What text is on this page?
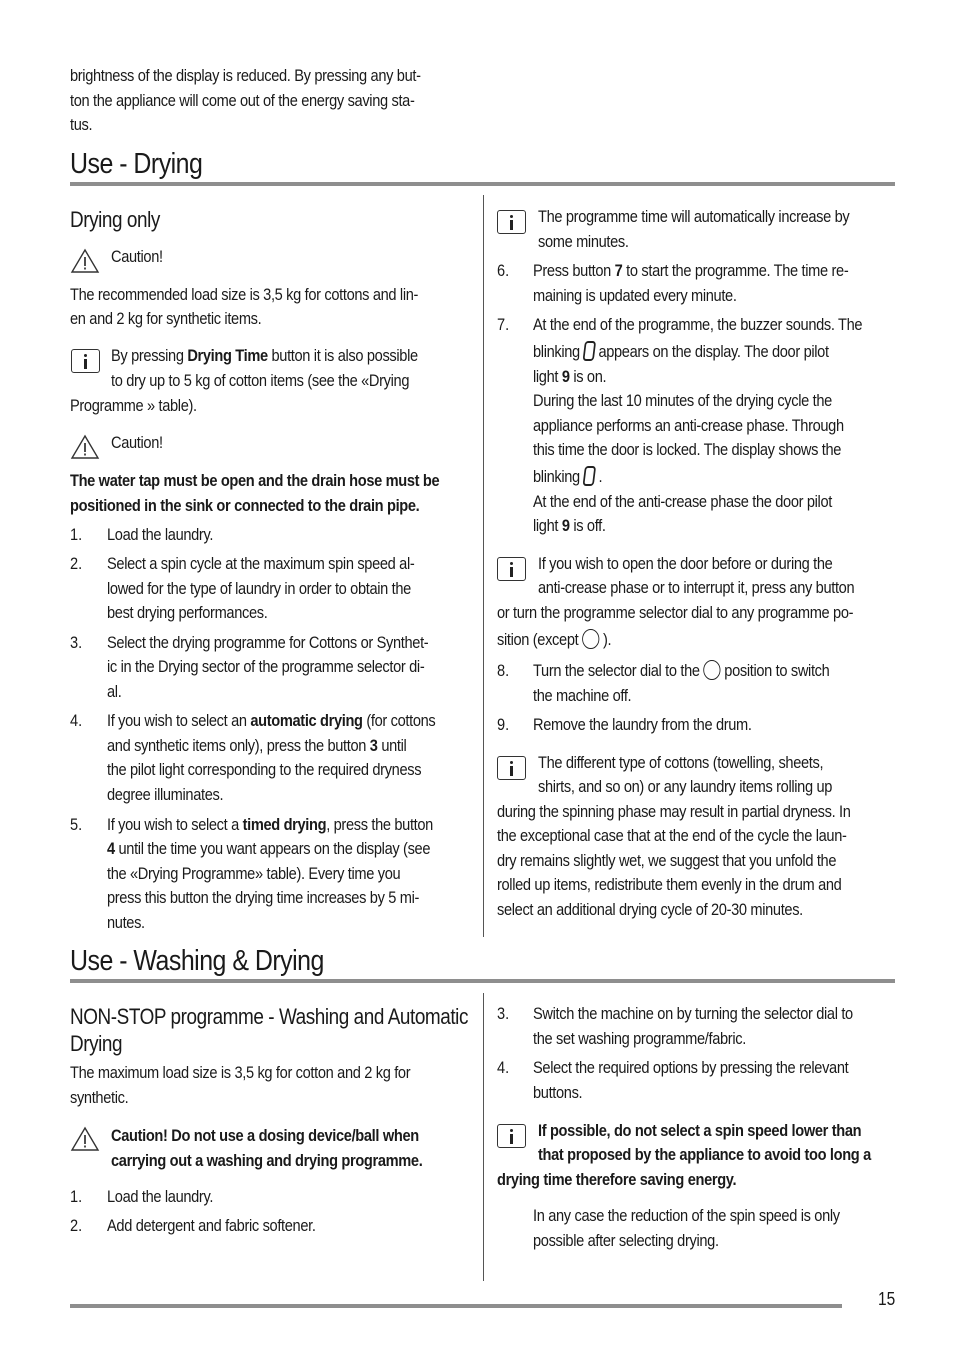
brightness of the display is reduced. By pressing any but-
ton the appliance will come out of the energy saving sta-
tus.
Use - Drying
Drying only
Caution!
The recommended load size is 3,5 kg for cottons and lin-
en and 2 kg for synthetic items.
By pressing Drying Time button it is also possible
to dry up to 5 kg of cotton items (see the «Drying
Programme » table).
Caution!
The water tap must be open and the drain hose must be
positioned in the sink or connected to the drain pipe.
1. Load the laundry.
2. Select a spin cycle at the maximum spin speed al-
lowed for the type of laundry in order to obtain the
best drying performances.
3. Select the drying programme for Cottons or Synthet-
ic in the Drying sector of the programme selector di-
al.
4. If you wish to select an automatic drying (for cottons
and synthetic items only), press the button 3 until
the pilot light corresponding to the required dryness
degree illuminates.
5. If you wish to select a timed drying, press the button
4 until the time you want appears on the display (see
the «Drying Programme» table). Every time you
press this button the drying time increases by 5 mi-
nutes.
The programme time will automatically increase by
some minutes.
6. Press button 7 to start the programme. The time re-
maining is updated every minute.
7. At the end of the programme, the buzzer sounds. The
blinking  appears on the display. The door pilot
light 9 is on.
During the last 10 minutes of the drying cycle the
appliance performs an anti-crease phase. Through
this time the door is locked. The display shows the
blinking  .
At the end of the anti-crease phase the door pilot
light 9 is off.
If you wish to open the door before or during the
anti-crease phase or to interrupt it, press any button
or turn the programme selector dial to any programme po-
sition (except  ).
8. Turn the selector dial to the  position to switch
the machine off.
9. Remove the laundry from the drum.
The different type of cottons (towelling, sheets,
shirts, and so on) or any laundry items rolling up
during the spinning phase may result in partial dryness. In
the exceptional case that at the end of the cycle the laun-
dry remains slightly wet, we suggest that you unfold the
rolled up items, redistribute them evenly in the drum and
select an additional drying cycle of 20-30 minutes.
Use - Washing & Drying
NON-STOP programme - Washing and Automatic
Drying
The maximum load size is 3,5 kg for cotton and 2 kg for
synthetic.
Caution! Do not use a dosing device/ball when
carrying out a washing and drying programme.
1. Load the laundry.
2. Add detergent and fabric softener.
3. Switch the machine on by turning the selector dial to
the set washing programme/fabric.
4. Select the required options by pressing the relevant
buttons.
If possible, do not select a spin speed lower than
that proposed by the appliance to avoid too long a
drying time therefore saving energy.
In any case the reduction of the spin speed is only
possible after selecting drying.
15
